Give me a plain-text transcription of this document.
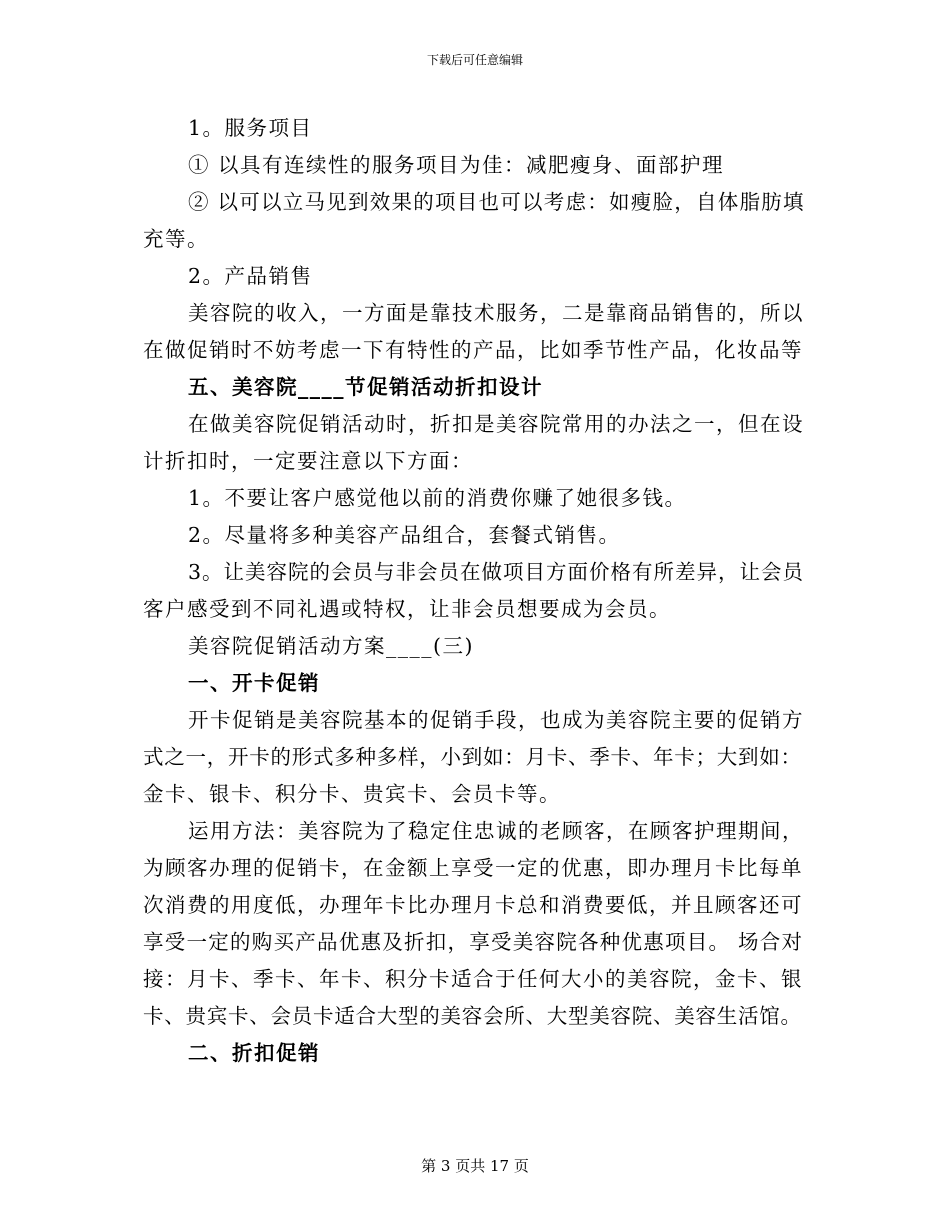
下载后可任意编辑
1。服务项目
① 以具有连续性的服务项目为佳：减肥瘦身、面部护理
② 以可以立马见到效果的项目也可以考虑：如瘦脸，自体脂肪填
充等。
2。产品销售
美容院的收入，一方面是靠技术服务，二是靠商品销售的，所以
在做促销时不妨考虑一下有特性的产品，比如季节性产品，化妆品等
五、美容院____节促销活动折扣设计
在做美容院促销活动时，折扣是美容院常用的办法之一，但在设
计折扣时，一定要注意以下方面：
1。不要让客户感觉他以前的消费你赚了她很多钱。
2。尽量将多种美容产品组合，套餐式销售。
3。让美容院的会员与非会员在做项目方面价格有所差异，让会员
客户感受到不同礼遇或特权，让非会员想要成为会员。
美容院促销活动方案____(三)
一、开卡促销
开卡促销是美容院基本的促销手段，也成为美容院主要的促销方
式之一，开卡的形式多种多样，小到如：月卡、季卡、年卡；大到如：
金卡、银卡、积分卡、贵宾卡、会员卡等。
运用方法：美容院为了稳定住忠诚的老顾客，在顾客护理期间，
为顾客办理的促销卡，在金额上享受一定的优惠，即办理月卡比每单
次消费的用度低，办理年卡比办理月卡总和消费要低，并且顾客还可
享受一定的购买产品优惠及折扣，享受美容院各种优惠项目。 场合对
接：月卡、季卡、年卡、积分卡适合于任何大小的美容院，金卡、银
卡、贵宾卡、会员卡适合大型的美容会所、大型美容院、美容生活馆。
二、折扣促销
第 3 页共 17 页
